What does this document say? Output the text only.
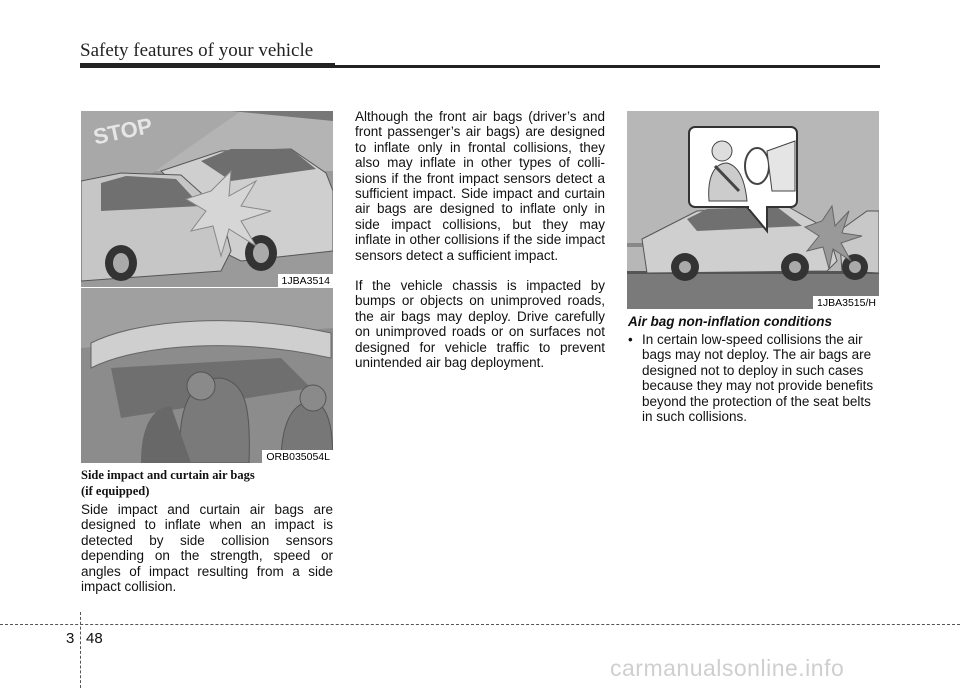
Safety features of your vehicle
STOP
1JBA3514
ORB035054L
Side impact and curtain air bags
(if equipped)
Side impact and curtain air bags are designed to inflate when an impact is detected by side collision sensors depending on the strength, speed or angles of impact resulting from a side impact collision.
Although the front air bags (driver’s and front passenger’s air bags) are designed to inflate only in frontal collisions, they also may inflate in other types of colli-sions if the front impact sensors detect a sufficient impact. Side impact and curtain air bags are designed to inflate only in side impact collisions, but they may inflate in other collisions if the side impact sensors detect a sufficient impact.
If the vehicle chassis is impacted by bumps or objects on unimproved roads, the air bags may deploy. Drive carefully on unimproved roads or on surfaces not designed for vehicle traffic to prevent unintended air bag deployment.
1JBA3515/H
Air bag non-inflation conditions
• In certain low-speed collisions the air bags may not deploy. The air bags are designed not to deploy in such cases because they may not provide benefits beyond the protection of the seat belts in such collisions.
3 48
carmanualsonline.info
